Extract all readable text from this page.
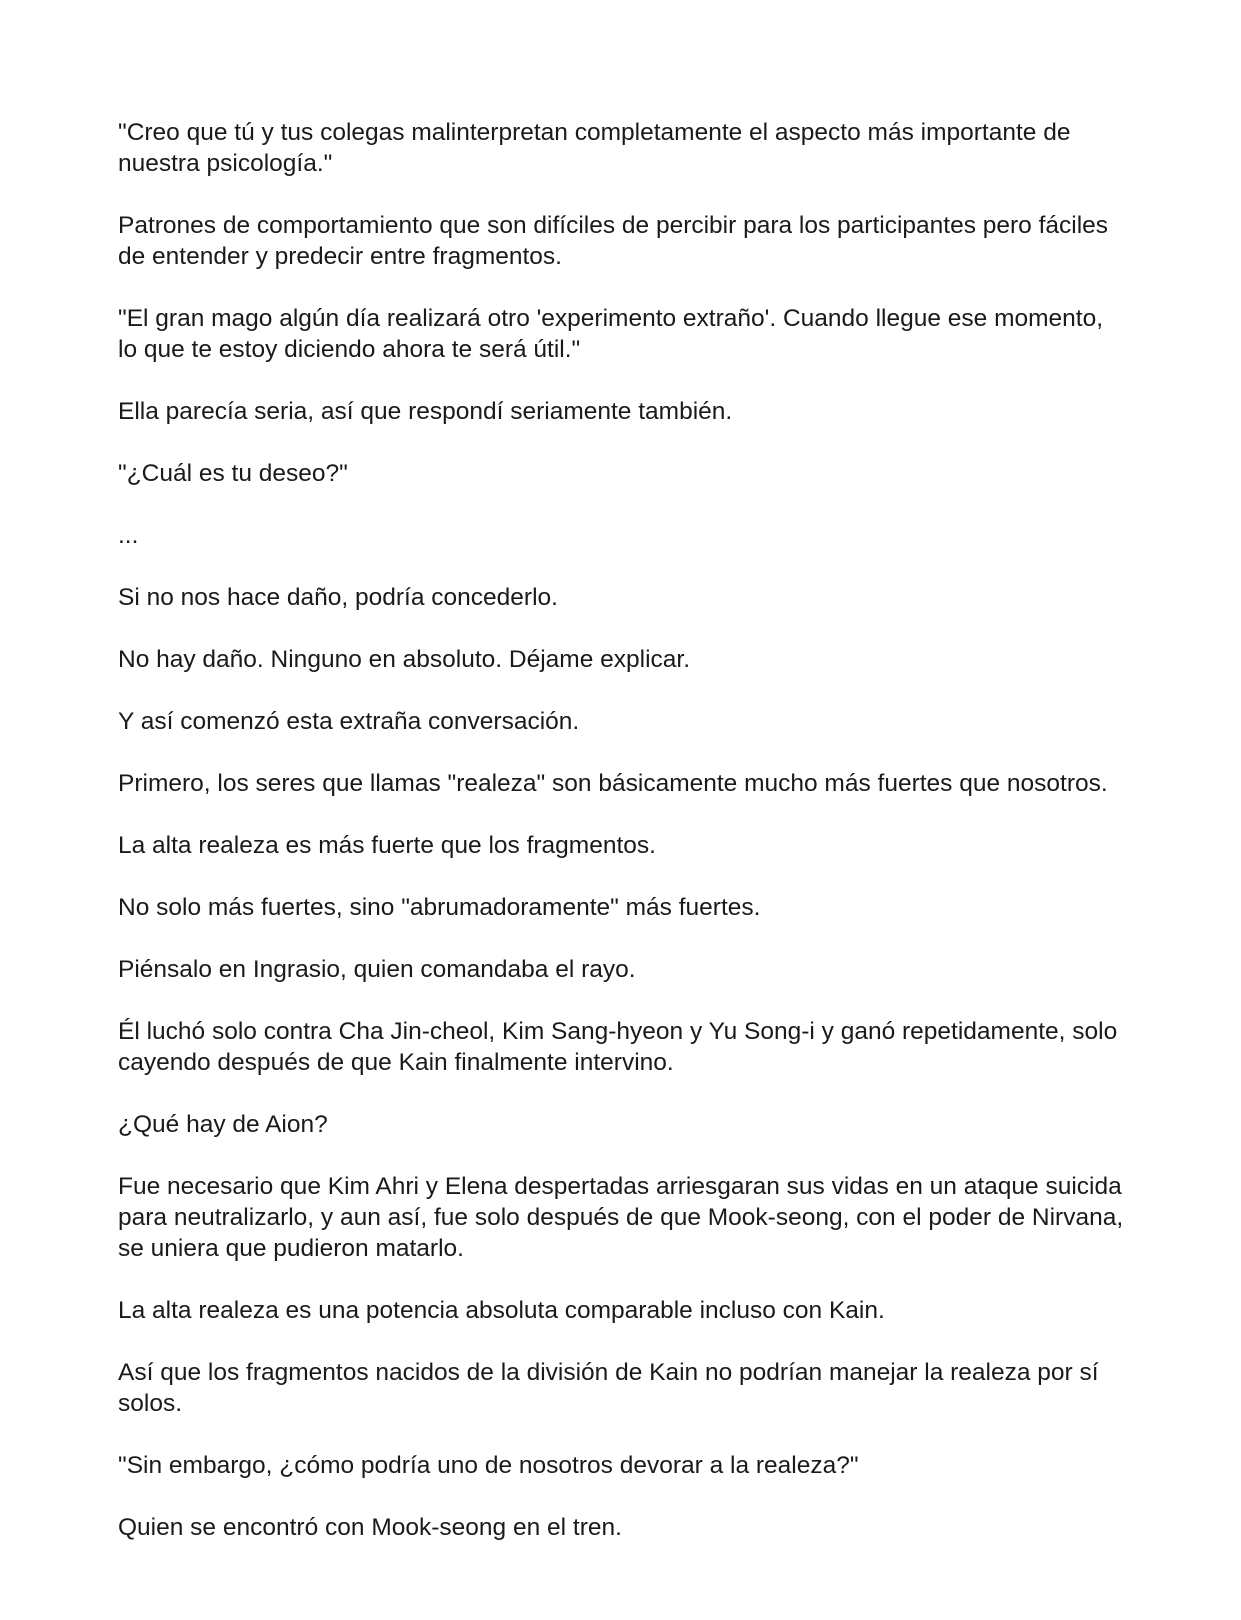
"Creo que tú y tus colegas malinterpretan completamente el aspecto más importante de nuestra psicología."

Patrones de comportamiento que son difíciles de percibir para los participantes pero fáciles de entender y predecir entre fragmentos.

"El gran mago algún día realizará otro 'experimento extraño'. Cuando llegue ese momento, lo que te estoy diciendo ahora te será útil."

Ella parecía seria, así que respondí seriamente también.

"¿Cuál es tu deseo?"

...

Si no nos hace daño, podría concederlo.

No hay daño. Ninguno en absoluto. Déjame explicar.

Y así comenzó esta extraña conversación.

Primero, los seres que llamas "realeza" son básicamente mucho más fuertes que nosotros.

La alta realeza es más fuerte que los fragmentos.

No solo más fuertes, sino "abrumadoramente" más fuertes.

Piénsalo en Ingrasio, quien comandaba el rayo.

Él luchó solo contra Cha Jin-cheol, Kim Sang-hyeon y Yu Song-i y ganó repetidamente, solo cayendo después de que Kain finalmente intervino.

¿Qué hay de Aion?

Fue necesario que Kim Ahri y Elena despertadas arriesgaran sus vidas en un ataque suicida para neutralizarlo, y aun así, fue solo después de que Mook-seong, con el poder de Nirvana, se uniera que pudieron matarlo.

La alta realeza es una potencia absoluta comparable incluso con Kain.

Así que los fragmentos nacidos de la división de Kain no podrían manejar la realeza por sí solos.

"Sin embargo, ¿cómo podría uno de nosotros devorar a la realeza?"

Quien se encontró con Mook-seong en el tren.
